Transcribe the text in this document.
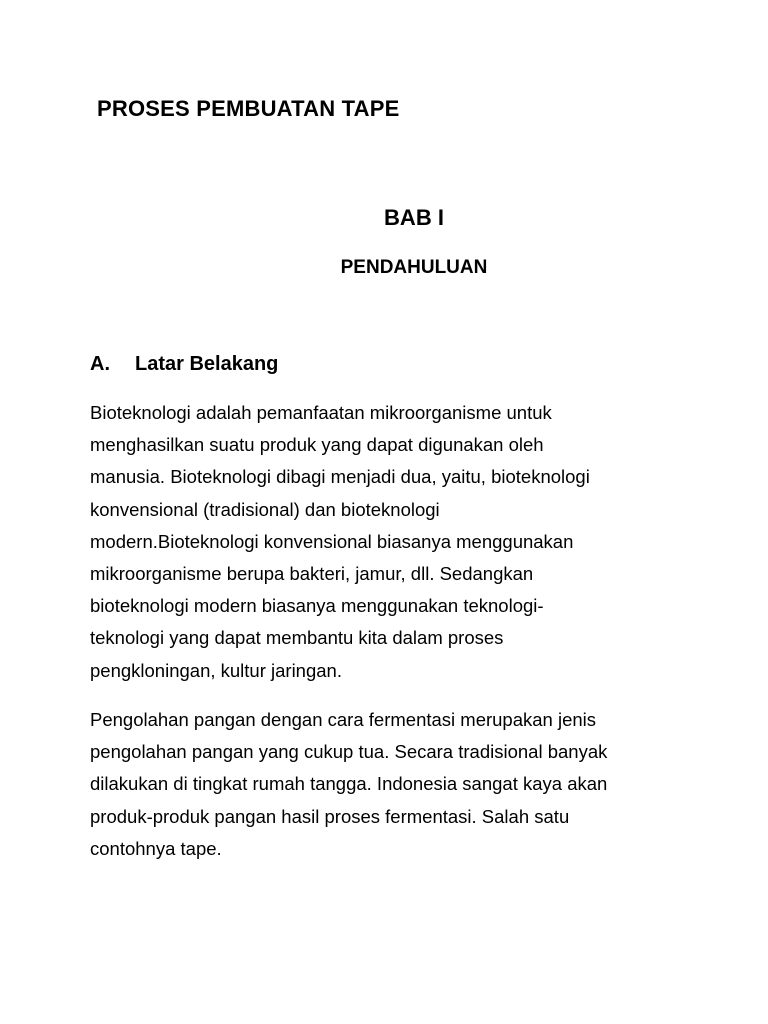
PROSES PEMBUATAN TAPE
BAB I
PENDAHULUAN
A. Latar Belakang

Bioteknologi adalah pemanfaatan mikroorganisme untuk
menghasilkan suatu produk yang dapat digunakan oleh
manusia. Bioteknologi dibagi menjadi dua, yaitu, bioteknologi
konvensional (tradisional) dan bioteknologi
modern.Bioteknologi konvensional biasanya menggunakan
mikroorganisme berupa bakteri, jamur, dll. Sedangkan
bioteknologi modern biasanya menggunakan teknologi-
teknologi yang dapat membantu kita dalam proses
pengkloningan, kultur jaringan.

Pengolahan pangan dengan cara fermentasi merupakan jenis
pengolahan pangan yang cukup tua. Secara tradisional banyak
dilakukan di tingkat rumah tangga. Indonesia sangat kaya akan
produk-produk pangan hasil proses fermentasi. Salah satu
contohnya tape.
